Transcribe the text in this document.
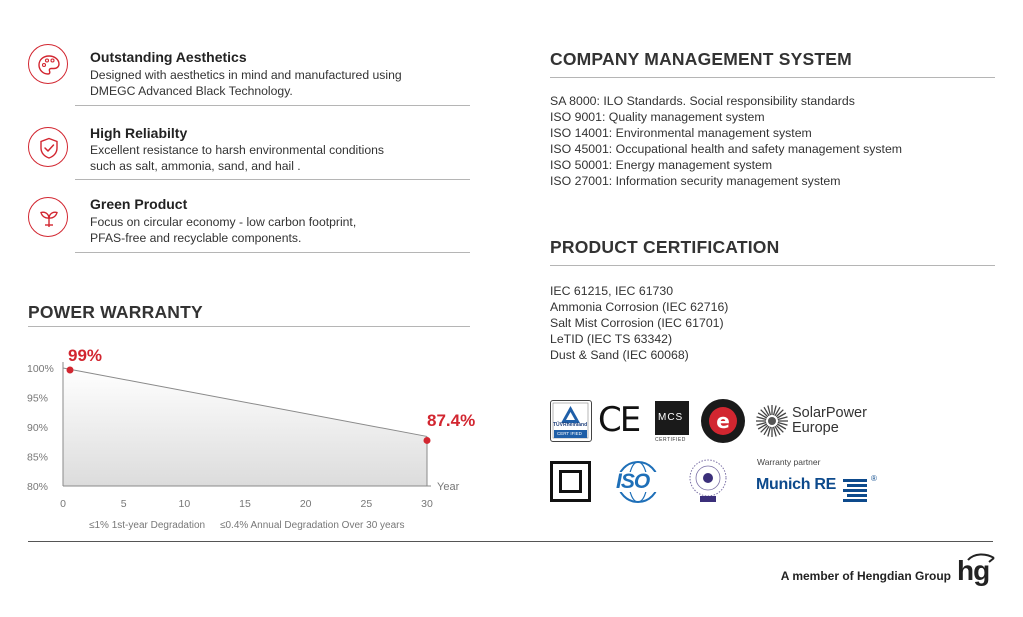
Outstanding Aesthetics
Designed with aesthetics in mind and manufactured using
DMEGC Advanced Black Technology.
High Reliabilty
Excellent resistance to harsh environmental conditions
such as salt, ammonia, sand, and hail .
Green Product
Focus on circular economy - low carbon footprint,
PFAS-free and recyclable components.
POWER WARRANTY
100%
95%
90%
85%
80%
0	5	10	15	20	25	30
Year
99%
87.4%
≤1% 1st-year Degradation ≤0.4% Annual Degradation Over 30 years
COMPANY MANAGEMENT SYSTEM
SA 8000: ILO Standards. Social responsibility standards
ISO 9001: Quality management system
ISO 14001: Environmental management system
ISO 45001: Occupational health and safety management system
ISO 50001: Energy management system
ISO 27001: Information security management system
PRODUCT CERTIFICATION
IEC 61215, IEC 61730
Ammonia Corrosion (IEC 62716)
Salt Mist Corrosion (IEC 61701)
LeTID (IEC TS 63342)
Dust & Sand (IEC 60068)
TÜVRheinland
CERT IFIED CE MCS
CERTIFIED
e	SolarPower
Europe
ISO
Warranty partner
Munich RE	®
A member of Hengdian Group hg
